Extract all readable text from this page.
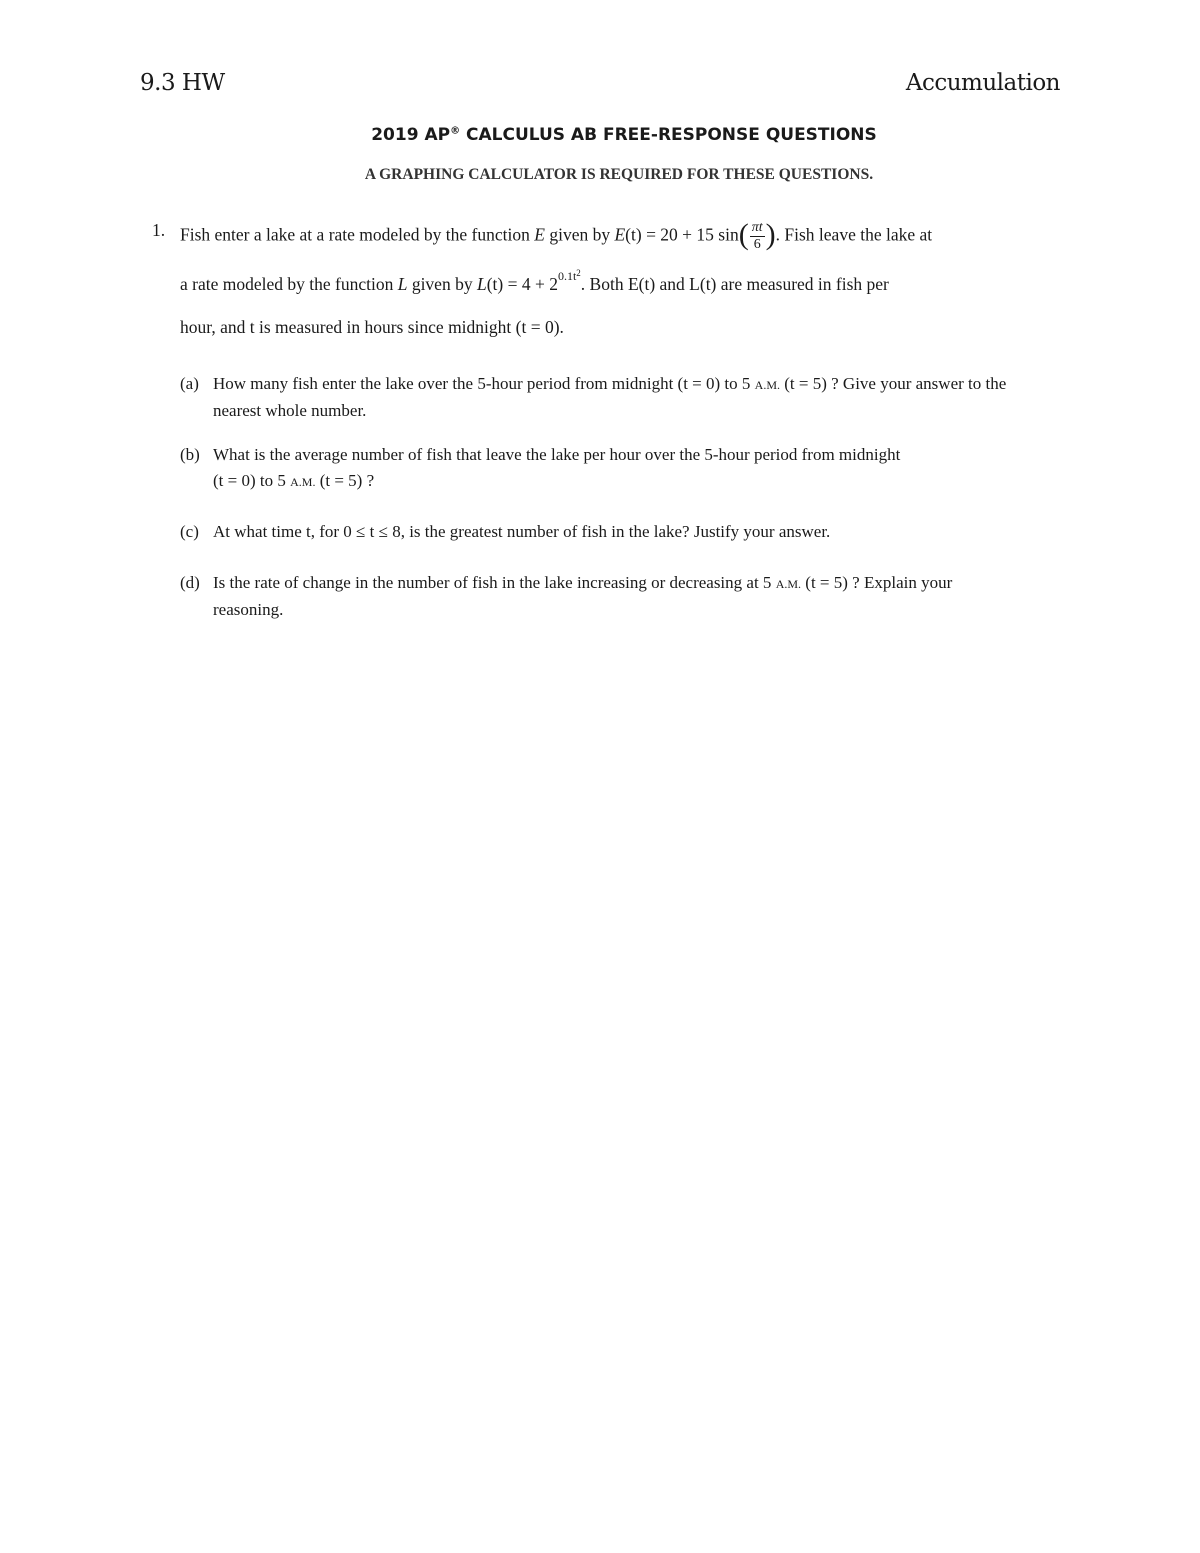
9.3 HW	Accumulation
2019 AP® CALCULUS AB FREE-RESPONSE QUESTIONS
A GRAPHING CALCULATOR IS REQUIRED FOR THESE QUESTIONS.
1. Fish enter a lake at a rate modeled by the function E given by E(t) = 20 + 15 $\sin( \frac{\pi t}{6}$ ). Fish leave the lake at
a rate modeled by the function L given by $L(t) = 4 + 2^{0.1t^2}$. Both E(t) and L(t) are measured in fish per
hour, and t is measured in hours since midnight (t = 0).
(a) How many fish enter the lake over the 5-hour period from midnight (t = 0) to 5 A.M. (t = 5) ? Give your answer to the nearest whole number.
(b) What is the average number of fish that leave the lake per hour over the 5-hour period from midnight (t = 0) to 5 A.M. (t = 5) ?
(c) At what time t, for 0 ≤ t ≤ 8, is the greatest number of fish in the lake? Justify your answer.
(d) Is the rate of change in the number of fish in the lake increasing or decreasing at 5 A.M. (t = 5) ? Explain your reasoning.
